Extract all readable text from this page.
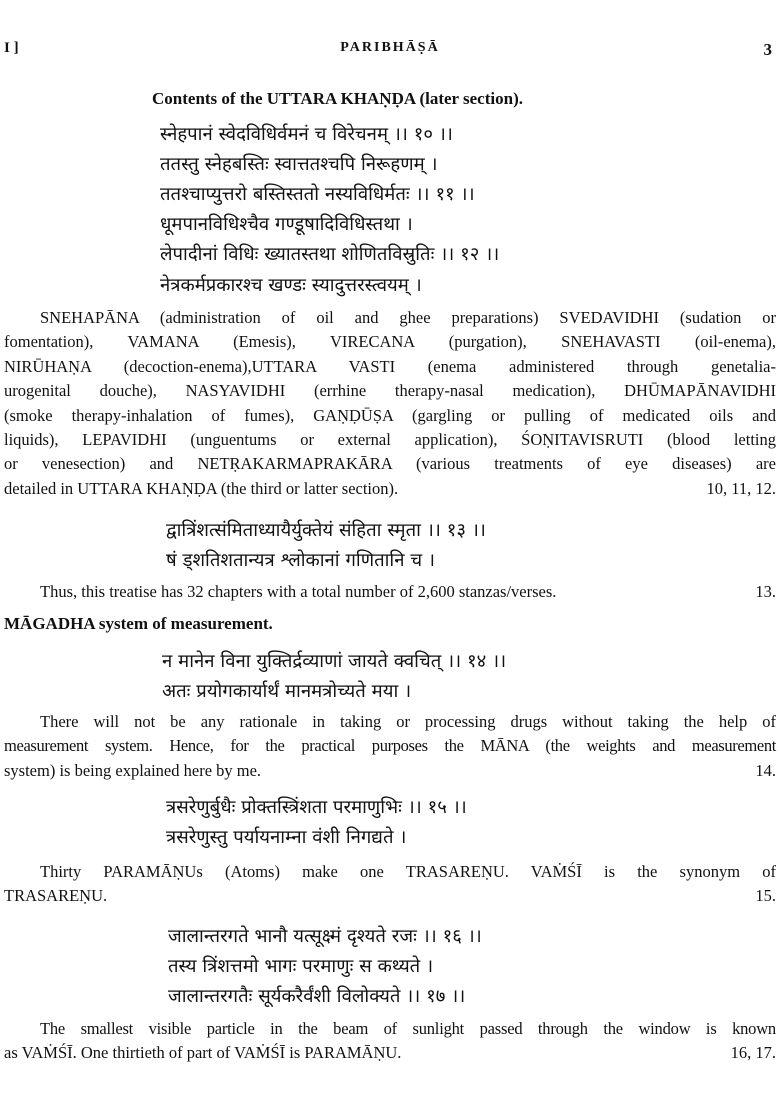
I ]	PARIBHĀṢĀ	3
Contents of the UTTARA KHAṆḌA (later section).
स्नेहपानं स्वेदविधिर्वमनं च विरेचनम् ।। १० ।।
ततस्तु स्नेहबस्तिः स्वात्ततश्चपि निरूहणम् ।
ततश्चाप्युत्तरो बस्तिस्ततो नस्यविधिर्मतः ।। ११ ।।
धूमपानविधिश्चैव गण्डूषादिविधिस्तथा ।
लेपादीनां विधिः ख्यातस्तथा शोणितविस्रुतिः ।। १२ ।।
नेत्रकर्मप्रकारश्च खण्डः स्यादुत्तरस्त्वयम् ।
SNEHAPĀNA (administration of oil and ghee preparations) SVEDAVIDHI (sudation or
fomentation), VAMANA (Emesis), VIRECANA (purgation), SNEHAVASTI (oil-enema),
NIRŪHAṆA (decoction-enema),UTTARA VASTI (enema administered through genetalia-
urogenital douche), NASYAVIDHI (errhine therapy-nasal medication), DHŪMAPĀNAVIDHI
(smoke therapy-inhalation of fumes), GAṆḌŪṢA (gargling or pulling of medicated oils and
liquids), LEPAVIDHI (unguentums or external application), ŚOṆITAVISRUTI (blood letting
or venesection) and NETṚAKARMAPRAKĀRA (various treatments of eye diseases) are
detailed in UTTARA KHAṆḌA (the third or latter section).	10, 11, 12.
द्वात्रिंशत्संमिताध्यायैर्युक्तेयं संहिता स्मृता ।। १३ ।।
षं ड्शतिशतान्यत्र श्लोकानां गणितानि च ।
Thus, this treatise has 32 chapters with a total number of 2,600 stanzas/verses.	13.
MĀGADHA system of measurement.
न मानेन विना युक्तिर्द्रव्याणां जायते क्वचित् ।। १४ ।।
अतः प्रयोगकार्यार्थं मानमत्रोच्यते मया ।
There will not be any rationale in taking or processing drugs without taking the help of
measurement system. Hence, for the practical purposes the MĀNA (the weights and measurement
system) is being explained here by me.	14.
त्रसरेणुर्बुधैः प्रोक्तस्त्रिंशता परमाणुभिः ।। १५ ।।
त्रसरेणुस्तु पर्यायनाम्ना वंशी निगद्यते ।
Thirty PARAMĀṆUs (Atoms) make one TRASAREṆU. VAṀŚĪ is the synonym of
TRASAREṆU.	15.
जालान्तरगते भानौ यत्सूक्ष्मं दृश्यते रजः ।। १६ ।।
तस्य त्रिंशत्तमो भागः परमाणुः स कथ्यते ।
जालान्तरगतैः सूर्यकरैर्वंशी विलोक्यते ।। १७ ।।
The smallest visible particle in the beam of sunlight passed through the window is known
as VAṀŚĪ. One thirtieth of part of VAṀŚĪ is PARAMĀṆU.	16, 17.
